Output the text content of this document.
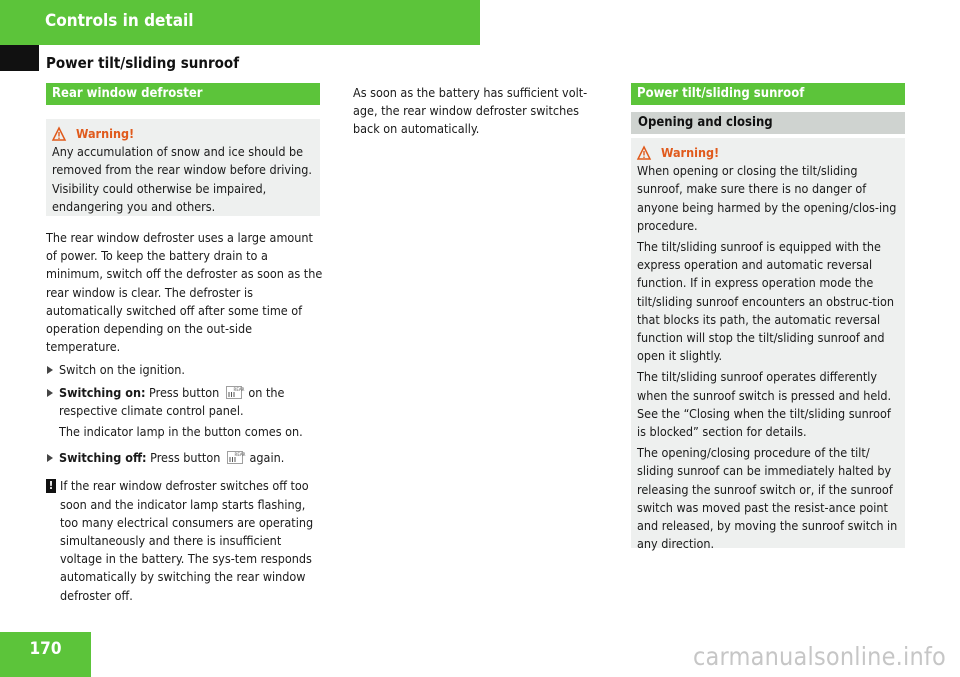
Controls in detail
Power tilt/sliding sunroof
Rear window defroster
Warning!

Any accumulation of snow and ice should be removed from the rear window before driving. Visibility could otherwise be impaired, endangering you and others.

The rear window defroster uses a large amount of power. To keep the battery drain to a minimum, switch off the defroster as soon as the rear window is clear. The defroster is automatically switched off after some time of operation depending on the out-side temperature.

Switch on the ignition.
Switching on: Press button	REAR on the respective climate control panel.

The indicator lamp in the button comes on.

Switching off: Press button	REAR again.
! If the rear window defroster switches off too soon and the indicator lamp starts flashing, too many electrical consumers are operating simultaneously and there is insufficient voltage in the battery. The sys-tem responds automatically by switching the rear window defroster off.
As soon as the battery has sufficient volt-age, the rear window defroster switches back on automatically.
Power tilt/sliding sunroof
Opening and closing
Warning!

When opening or closing the tilt/sliding sunroof, make sure there is no danger of anyone being harmed by the opening/clos-ing procedure.

The tilt/sliding sunroof is equipped with the express operation and automatic reversal function. If in express operation mode the tilt/sliding sunroof encounters an obstruc-tion that blocks its path, the automatic reversal function will stop the tilt/sliding sunroof and open it slightly.

The tilt/sliding sunroof operates differently when the sunroof switch is pressed and held. See the “Closing when the tilt/sliding sunroof is blocked” section for details.

The opening/closing procedure of the tilt/ sliding sunroof can be immediately halted by releasing the sunroof switch or, if the sunroof switch was moved past the resist-ance point and released, by moving the sunroof switch in any direction.

170	carmanualsonline.info
